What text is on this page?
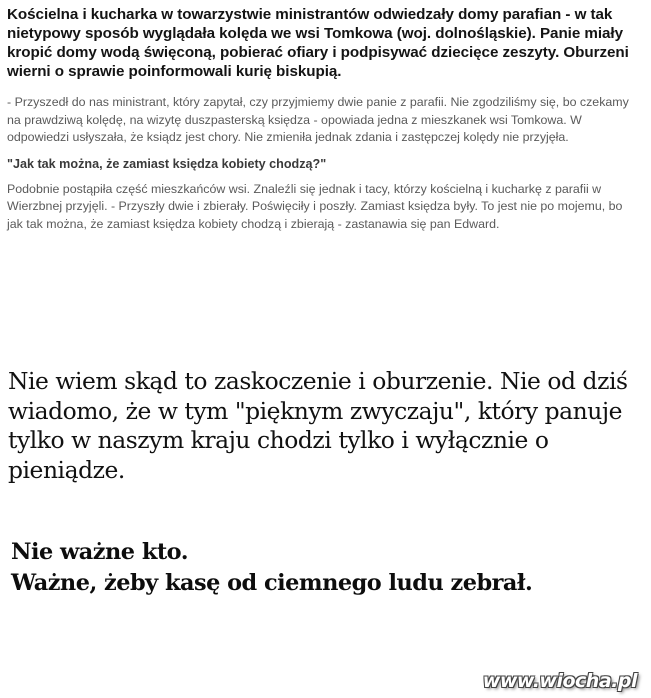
Kościelna i kucharka w towarzystwie ministrantów odwiedzały domy parafian - w tak nietypowy sposób wyglądała kolęda we wsi Tomkowa (woj. dolnośląskie). Panie miały kropić domy wodą święconą, pobierać ofiary i podpisywać dziecięce zeszyty. Oburzeni wierni o sprawie poinformowali kurię biskupią.

- Przyszedł do nas ministrant, który zapytał, czy przyjmiemy dwie panie z parafii. Nie zgodziliśmy się, bo czekamy na prawdziwą kolędę, na wizytę duszpasterską księdza - opowiada jedna z mieszkanek wsi Tomkowa. W odpowiedzi usłyszała, że ksiądz jest chory. Nie zmieniła jednak zdania i zastępczej kolędy nie przyjęła.

"Jak tak można, że zamiast księdza kobiety chodzą?"

Podobnie postąpiła część mieszkańców wsi. Znaleźli się jednak i tacy, którzy kościelną i kucharkę z parafii w Wierzbnej przyjęli. - Przyszły dwie i zbierały. Poświęciły i poszły. Zamiast księdza były. To jest nie po mojemu, bo jak tak można, że zamiast księdza kobiety chodzą i zbierają - zastanawia się pan Edward.

Nie wiem skąd to zaskoczenie i oburzenie. Nie od dziś wiadomo, że w tym "pięknym zwyczaju", który panuje tylko w naszym kraju chodzi tylko i wyłącznie o pieniądze.

Nie ważne kto.
Ważne, żeby kasę od ciemnego ludu zebrał.
www.wiocha.pl
